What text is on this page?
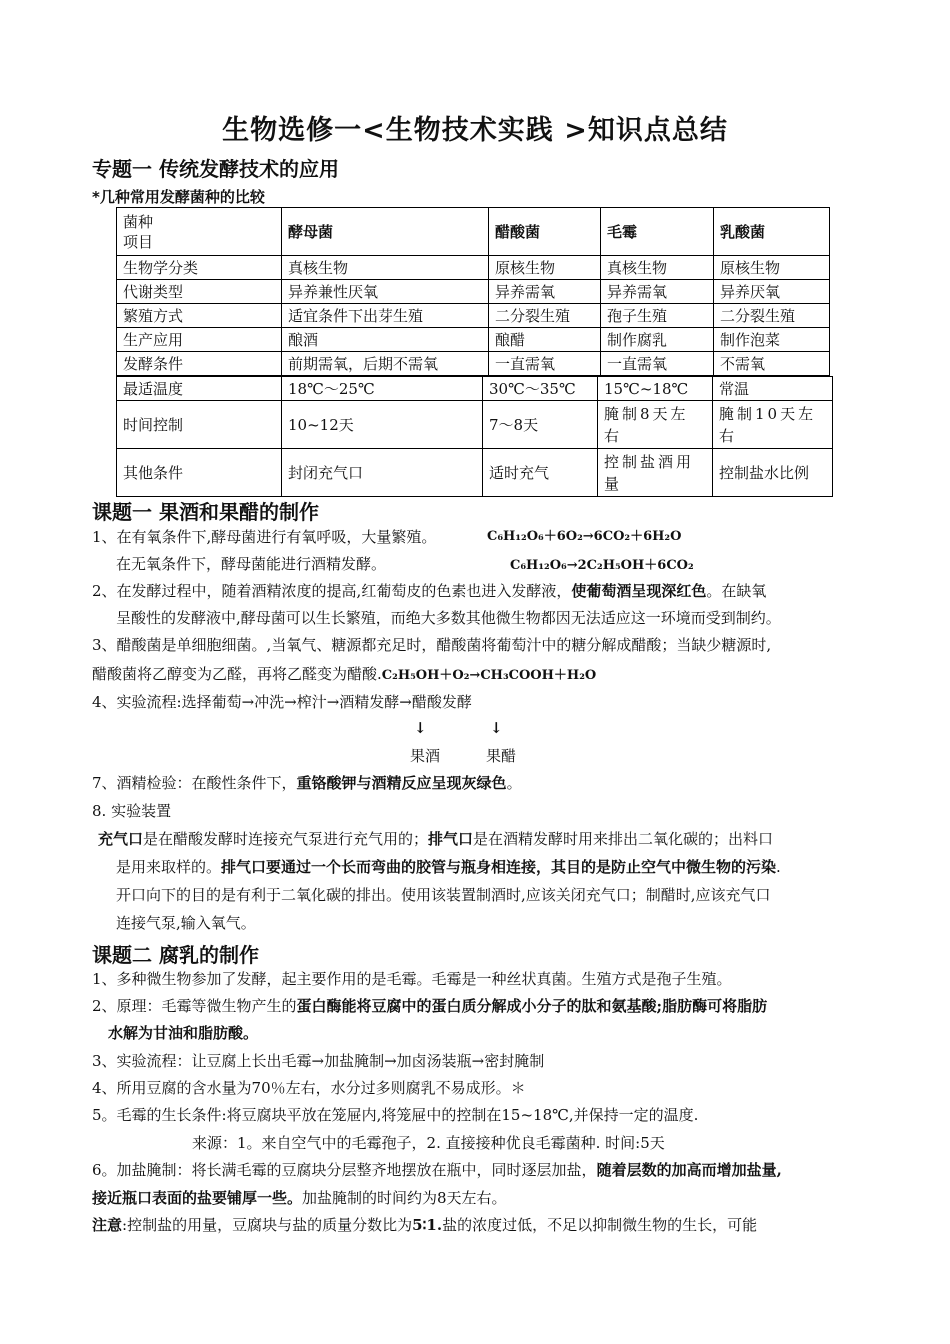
生物选修一<生物技术实践 >知识点总结
专题一 传统发酵技术的应用
*几种常用发酵菌种的比较
菌种
项目	酵母菌	醋酸菌	毛霉	乳酸菌
生物学分类	真核生物	原核生物	真核生物	原核生物
代谢类型	异养兼性厌氧	异养需氧	异养需氧	异养厌氧
繁殖方式	适宜条件下出芽生殖	二分裂生殖	孢子生殖	二分裂生殖
生产应用	酿酒	酿醋	制作腐乳	制作泡菜
发酵条件	前期需氧，后期不需氧	一直需氧	一直需氧	不需氧
最适温度	18℃～25℃	30℃～35℃	15℃~18℃	常温
时间控制	10~12天	7～8天	腌制8天左右	腌制10天左右
其他条件	封闭充气口	适时充气	控制盐酒用量	控制盐水比例
课题一 果酒和果醋的制作
1、在有氧条件下,酵母菌进行有氧呼吸，大量繁殖。	C₆H₁₂O₆＋6O₂→6CO₂＋6H₂O
在无氧条件下，酵母菌能进行酒精发酵。	C₆H₁₂O₆→2C₂H₅OH＋6CO₂
2、在发酵过程中，随着酒精浓度的提高,红葡萄皮的色素也进入发酵液，使葡萄酒呈现深红色。在缺氧
呈酸性的发酵液中,酵母菌可以生长繁殖，而绝大多数其他微生物都因无法适应这一环境而受到制约。
3、醋酸菌是单细胞细菌。,当氧气、糖源都充足时，醋酸菌将葡萄汁中的糖分解成醋酸；当缺少糖源时,
醋酸菌将乙醇变为乙醛，再将乙醛变为醋酸.C₂H₅OH＋O₂→CH₃COOH＋H₂O
4、实验流程:选择葡萄→冲洗→榨汁→酒精发酵→醋酸发酵
↓	↓
果酒	果醋
7、酒精检验：在酸性条件下，重铬酸钾与酒精反应呈现灰绿色。
8. 实验装置
充气口是在醋酸发酵时连接充气泵进行充气用的；排气口是在酒精发酵时用来排出二氧化碳的；出料口
是用来取样的。排气口要通过一个长而弯曲的胶管与瓶身相连接，其目的是防止空气中微生物的污染.
开口向下的目的是有利于二氧化碳的排出。使用该装置制酒时,应该关闭充气口；制醋时,应该充气口
连接气泵,输入氧气。
课题二 腐乳的制作
1、多种微生物参加了发酵，起主要作用的是毛霉。毛霉是一种丝状真菌。生殖方式是孢子生殖。
2、原理：毛霉等微生物产生的蛋白酶能将豆腐中的蛋白质分解成小分子的肽和氨基酸;脂肪酶可将脂肪
水解为甘油和脂肪酸。
3、实验流程：让豆腐上长出毛霉→加盐腌制→加卤汤装瓶→密封腌制
4、所用豆腐的含水量为70％左右，水分过多则腐乳不易成形。＊
5。毛霉的生长条件:将豆腐块平放在笼屉内,将笼屉中的控制在15~18℃,并保持一定的温度.
来源：1。来自空气中的毛霉孢子，2. 直接接种优良毛霉菌种. 时间:5天
6。加盐腌制：将长满毛霉的豆腐块分层整齐地摆放在瓶中，同时逐层加盐，随着层数的加高而增加盐量,
接近瓶口表面的盐要铺厚一些。加盐腌制的时间约为8天左右。
注意:控制盐的用量，豆腐块与盐的质量分数比为5∶1.盐的浓度过低，不足以抑制微生物的生长，可能
